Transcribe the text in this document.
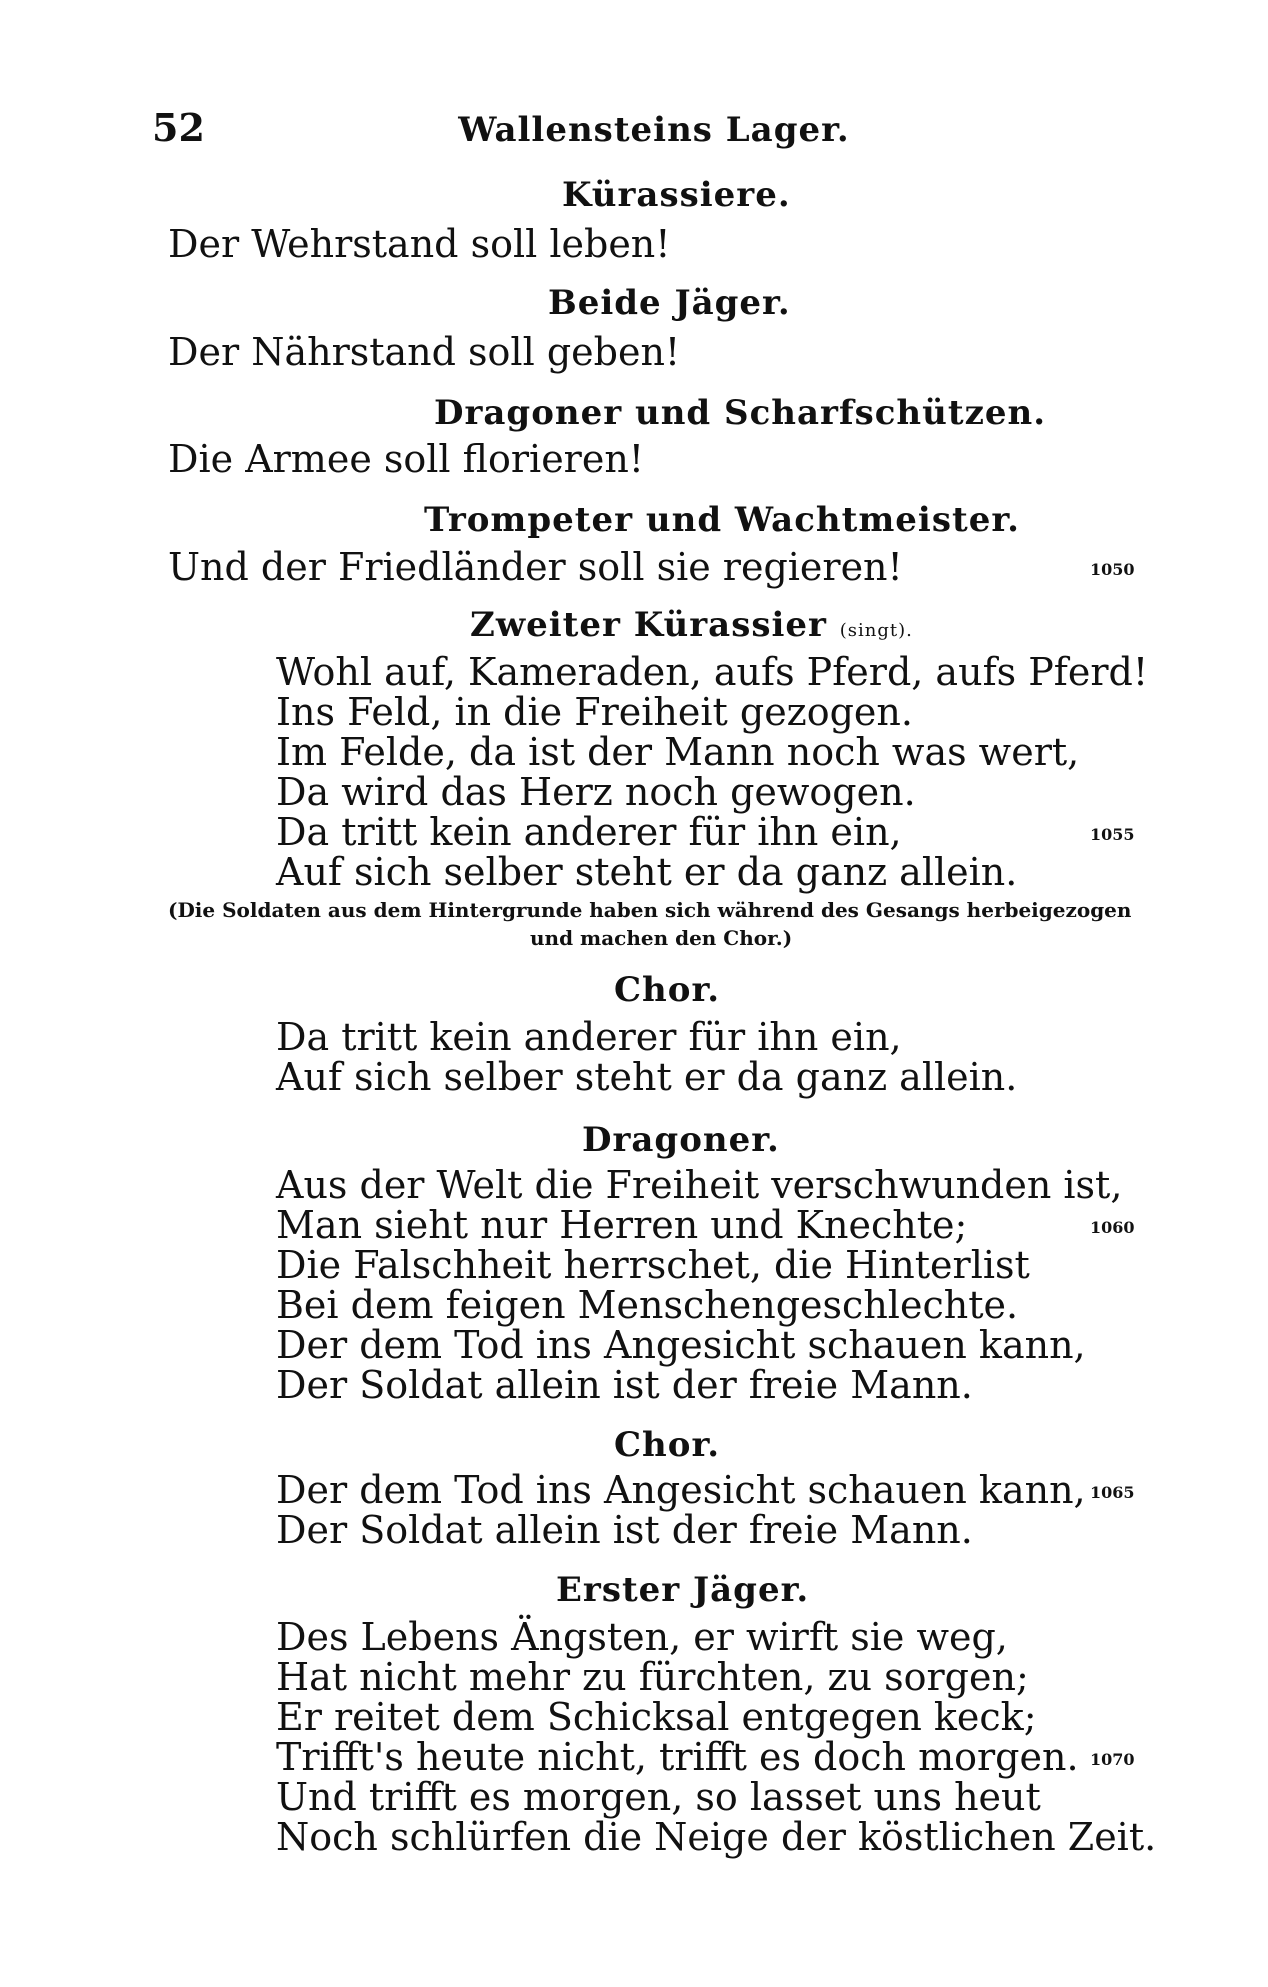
52	Wallensteins Lager.
Kürassiere.
Der Wehrstand soll leben!
Beide Jäger.
Der Nährstand soll geben!
Dragoner und Scharfschützen.
Die Armee soll florieren!
Trompeter und Wachtmeister.
Und der Friedländer soll sie regieren!	1050
Zweiter Kürassier (singt).
Wohl auf, Kameraden, aufs Pferd, aufs Pferd!
Ins Feld, in die Freiheit gezogen.
Im Felde, da ist der Mann noch was wert,
Da wird das Herz noch gewogen.
Da tritt kein anderer für ihn ein,	1055
Auf sich selber steht er da ganz allein.
(Die Soldaten aus dem Hintergrunde haben sich während des Gesangs herbeigezogen
und machen den Chor.)
Chor.
Da tritt kein anderer für ihn ein,
Auf sich selber steht er da ganz allein.
Dragoner.
Aus der Welt die Freiheit verschwunden ist,
Man sieht nur Herren und Knechte;	1060
Die Falschheit herrschet, die Hinterlist
Bei dem feigen Menschengeschlechte.
Der dem Tod ins Angesicht schauen kann,
Der Soldat allein ist der freie Mann.
Chor.
Der dem Tod ins Angesicht schauen kann, 1065
Der Soldat allein ist der freie Mann.
Erster Jäger.
Des Lebens Ängsten, er wirft sie weg,
Hat nicht mehr zu fürchten, zu sorgen;
Er reitet dem Schicksal entgegen keck;
Trifft's heute nicht, trifft es doch morgen. 1070
Und trifft es morgen, so lasset uns heut
Noch schlürfen die Neige der köstlichen Zeit.
